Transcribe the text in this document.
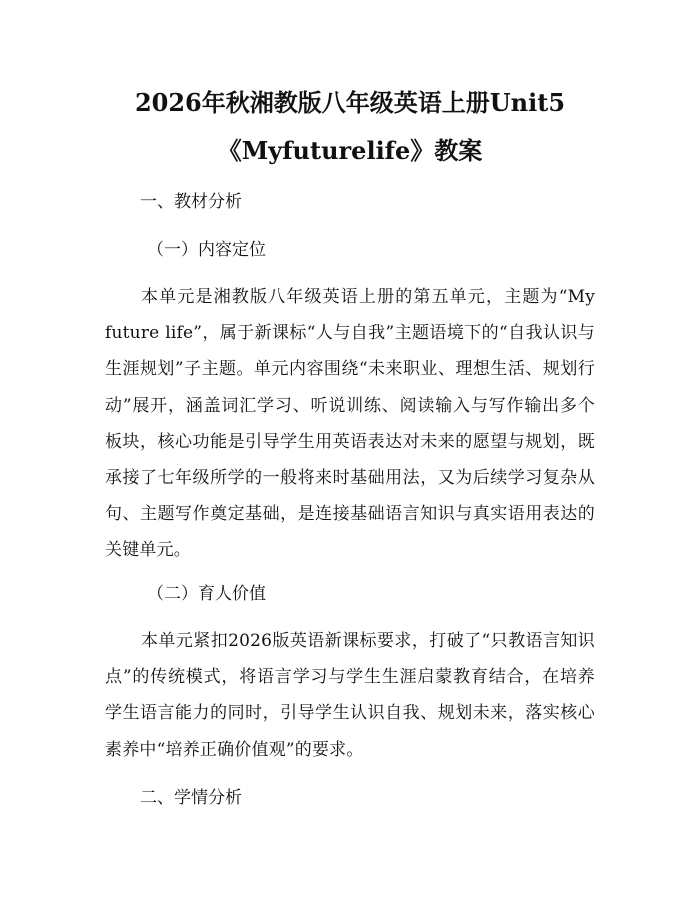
2026年秋湘教版八年级英语上册Unit5
《Myfuturelife》教案
一、教材分析
（一）内容定位
本单元是湘教版八年级英语上册的第五单元，主题为“My future life”，属于新课标“人与自我”主题语境下的“自我认识与生涯规划”子主题。单元内容围绕“未来职业、理想生活、规划行动”展开，涵盖词汇学习、听说训练、阅读输入与写作输出多个板块，核心功能是引导学生用英语表达对未来的愿望与规划，既承接了七年级所学的一般将来时基础用法，又为后续学习复杂从句、主题写作奠定基础，是连接基础语言知识与真实语用表达的关键单元。
（二）育人价值
本单元紧扣2026版英语新课标要求，打破了“只教语言知识点”的传统模式，将语言学习与学生生涯启蒙教育结合，在培养学生语言能力的同时，引导学生认识自我、规划未来，落实核心素养中“培养正确价值观”的要求。
二、学情分析
